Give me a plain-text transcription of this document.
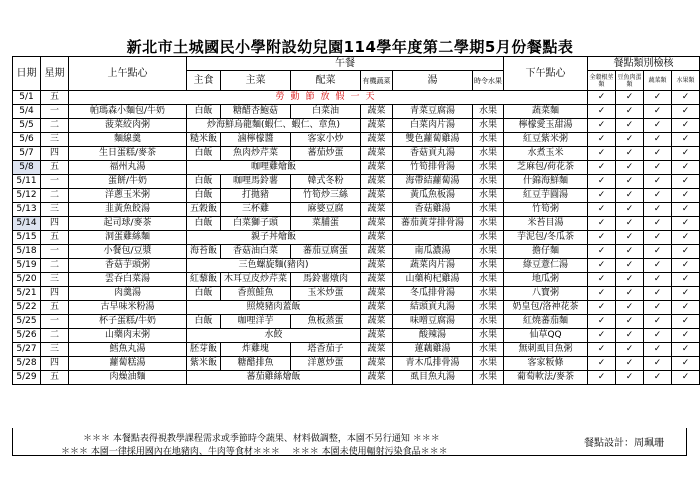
新北市土城國民小學附設幼兒園114學年度第二學期5月份餐點表
日期	星期	上午點心	午餐						下午點心	餐點類別檢核			
			主食	主菜	配菜	有機蔬菜	湯	時令水果		全穀根莖類	豆魚肉蛋類	蔬菜類	水果類
5/1	五	勞動節放假一天								✓	✓	✓	✓
5/4	一	帕瑪森小麵包/牛奶	白飯	糖醋杏鮑菇	白菜油	蔬菜	青菜豆腐湯	水果	蔬菜麵	✓	✓	✓	✓
5/5	二	菠菜絞肉粥	炒海鮮烏龍麵(蝦仁、蝦仁、章魚)			蔬菜	白菜肉片湯	水果	檸檬愛玉甜湯	✓	✓	✓	✓
5/6	三	麵線羹	糙米飯	滷檸檬醬	客家小炒	蔬菜	雙色蘿蔔雞湯	水果	紅豆紫米粥	✓	✓	✓	✓
5/7	四	生日蛋糕/麥茶	白飯	魚肉炒芹菜	蕃茄炒蛋	蔬菜	香菇貢丸湯	水果	水煮玉米	✓	✓	✓	✓
5/8	五	福州丸湯	咖哩雞燴飯			蔬菜	竹筍排骨湯	水果	芝麻包/荷花茶	✓	✓	✓	✓
5/11	一	蛋餅/牛奶	白飯	咖哩馬鈴薯	韓式冬粉	蔬菜	海帶結蘿蔔湯	水果	什錦海鮮麵	✓	✓	✓	✓
5/12	二	洋蔥玉米粥	白飯	打拋豬	竹筍炒三絲	蔬菜	黃瓜魚板湯	水果	紅豆芋圓湯	✓	✓	✓	✓
5/13	三	韭黃魚餃湯	五穀飯	三杯雞	麻婆豆腐	蔬菜	香菇雞湯	水果	竹筍粥	✓	✓	✓	✓
5/14	四	起司球/麥茶	白飯	白菜獅子頭	菜脯蛋	蔬菜	蕃茄黃芽排骨湯	水果	米苔目湯	✓	✓	✓	✓
5/15	五	洞蛋雞絲麵	親子丼燴飯			蔬菜		水果	芋泥包/冬瓜茶	✓	✓	✓	✓
5/18	一	小餐包/豆漿	海苔飯	香菇油白菜	蕃茄豆腐蛋	蔬菜	南瓜濃湯	水果	擔仔麵	✓	✓	✓	✓
5/19	二	香菇芋頭粥	三色螺旋麵(豬肉)			蔬菜	蔬菜肉片湯	水果	綠豆薏仁湯	✓	✓	✓	✓
5/20	三	雲吞白菜湯	紅藜飯	木耳豆皮炒芹菜	馬鈴薯燉肉	蔬菜	山藥枸杞雞湯	水果	地瓜粥	✓	✓	✓	✓
5/21	四	肉羹湯	白飯	香煎鮭魚	玉米炒蛋	蔬菜	冬瓜排骨湯	水果	八寶粥	✓	✓	✓	✓
5/22	五	古早味米粉湯	照燒豬肉蓋飯			蔬菜	結頭貢丸湯	水果	奶皇包/洛神花茶	✓	✓	✓	✓
5/25	一	杯子蛋糕/牛奶	白飯	咖哩洋芋	魚板蒸蛋	蔬菜	味噌豆腐湯	水果	紅燒蕃茄麵	✓	✓	✓	✓
5/26	二	山藥肉末粥	水餃			蔬菜	酸辣湯	水果	仙草QQ	✓	✓	✓	✓
5/27	三	鱈魚丸湯	胚芽飯	炸雞塊	塔香茄子	蔬菜	蓮藕雞湯	水果	無刺虱目魚粥	✓	✓	✓	✓
5/28	四	蘿蔔糕湯	紫米飯	糖醋排魚	洋蔥炒蛋	蔬菜	青木瓜排骨湯	水果	客家粄條	✓	✓	✓	✓
5/29	五	肉燥油麵	蕃茄雞絲燴飯			蔬菜	虱目魚丸湯	水果	葡萄軟法/麥茶	✓	✓	✓	✓
＊＊＊ 本餐點表得視教學課程需求或季節時令蔬果、材料做調整，本園不另行通知 ＊＊＊
＊＊＊ 本園一律採用國內在地豬肉、牛肉等食材＊＊＊　 ＊＊＊ 本園未使用輻射污染食品＊＊＊
餐點設計：周珮珊
